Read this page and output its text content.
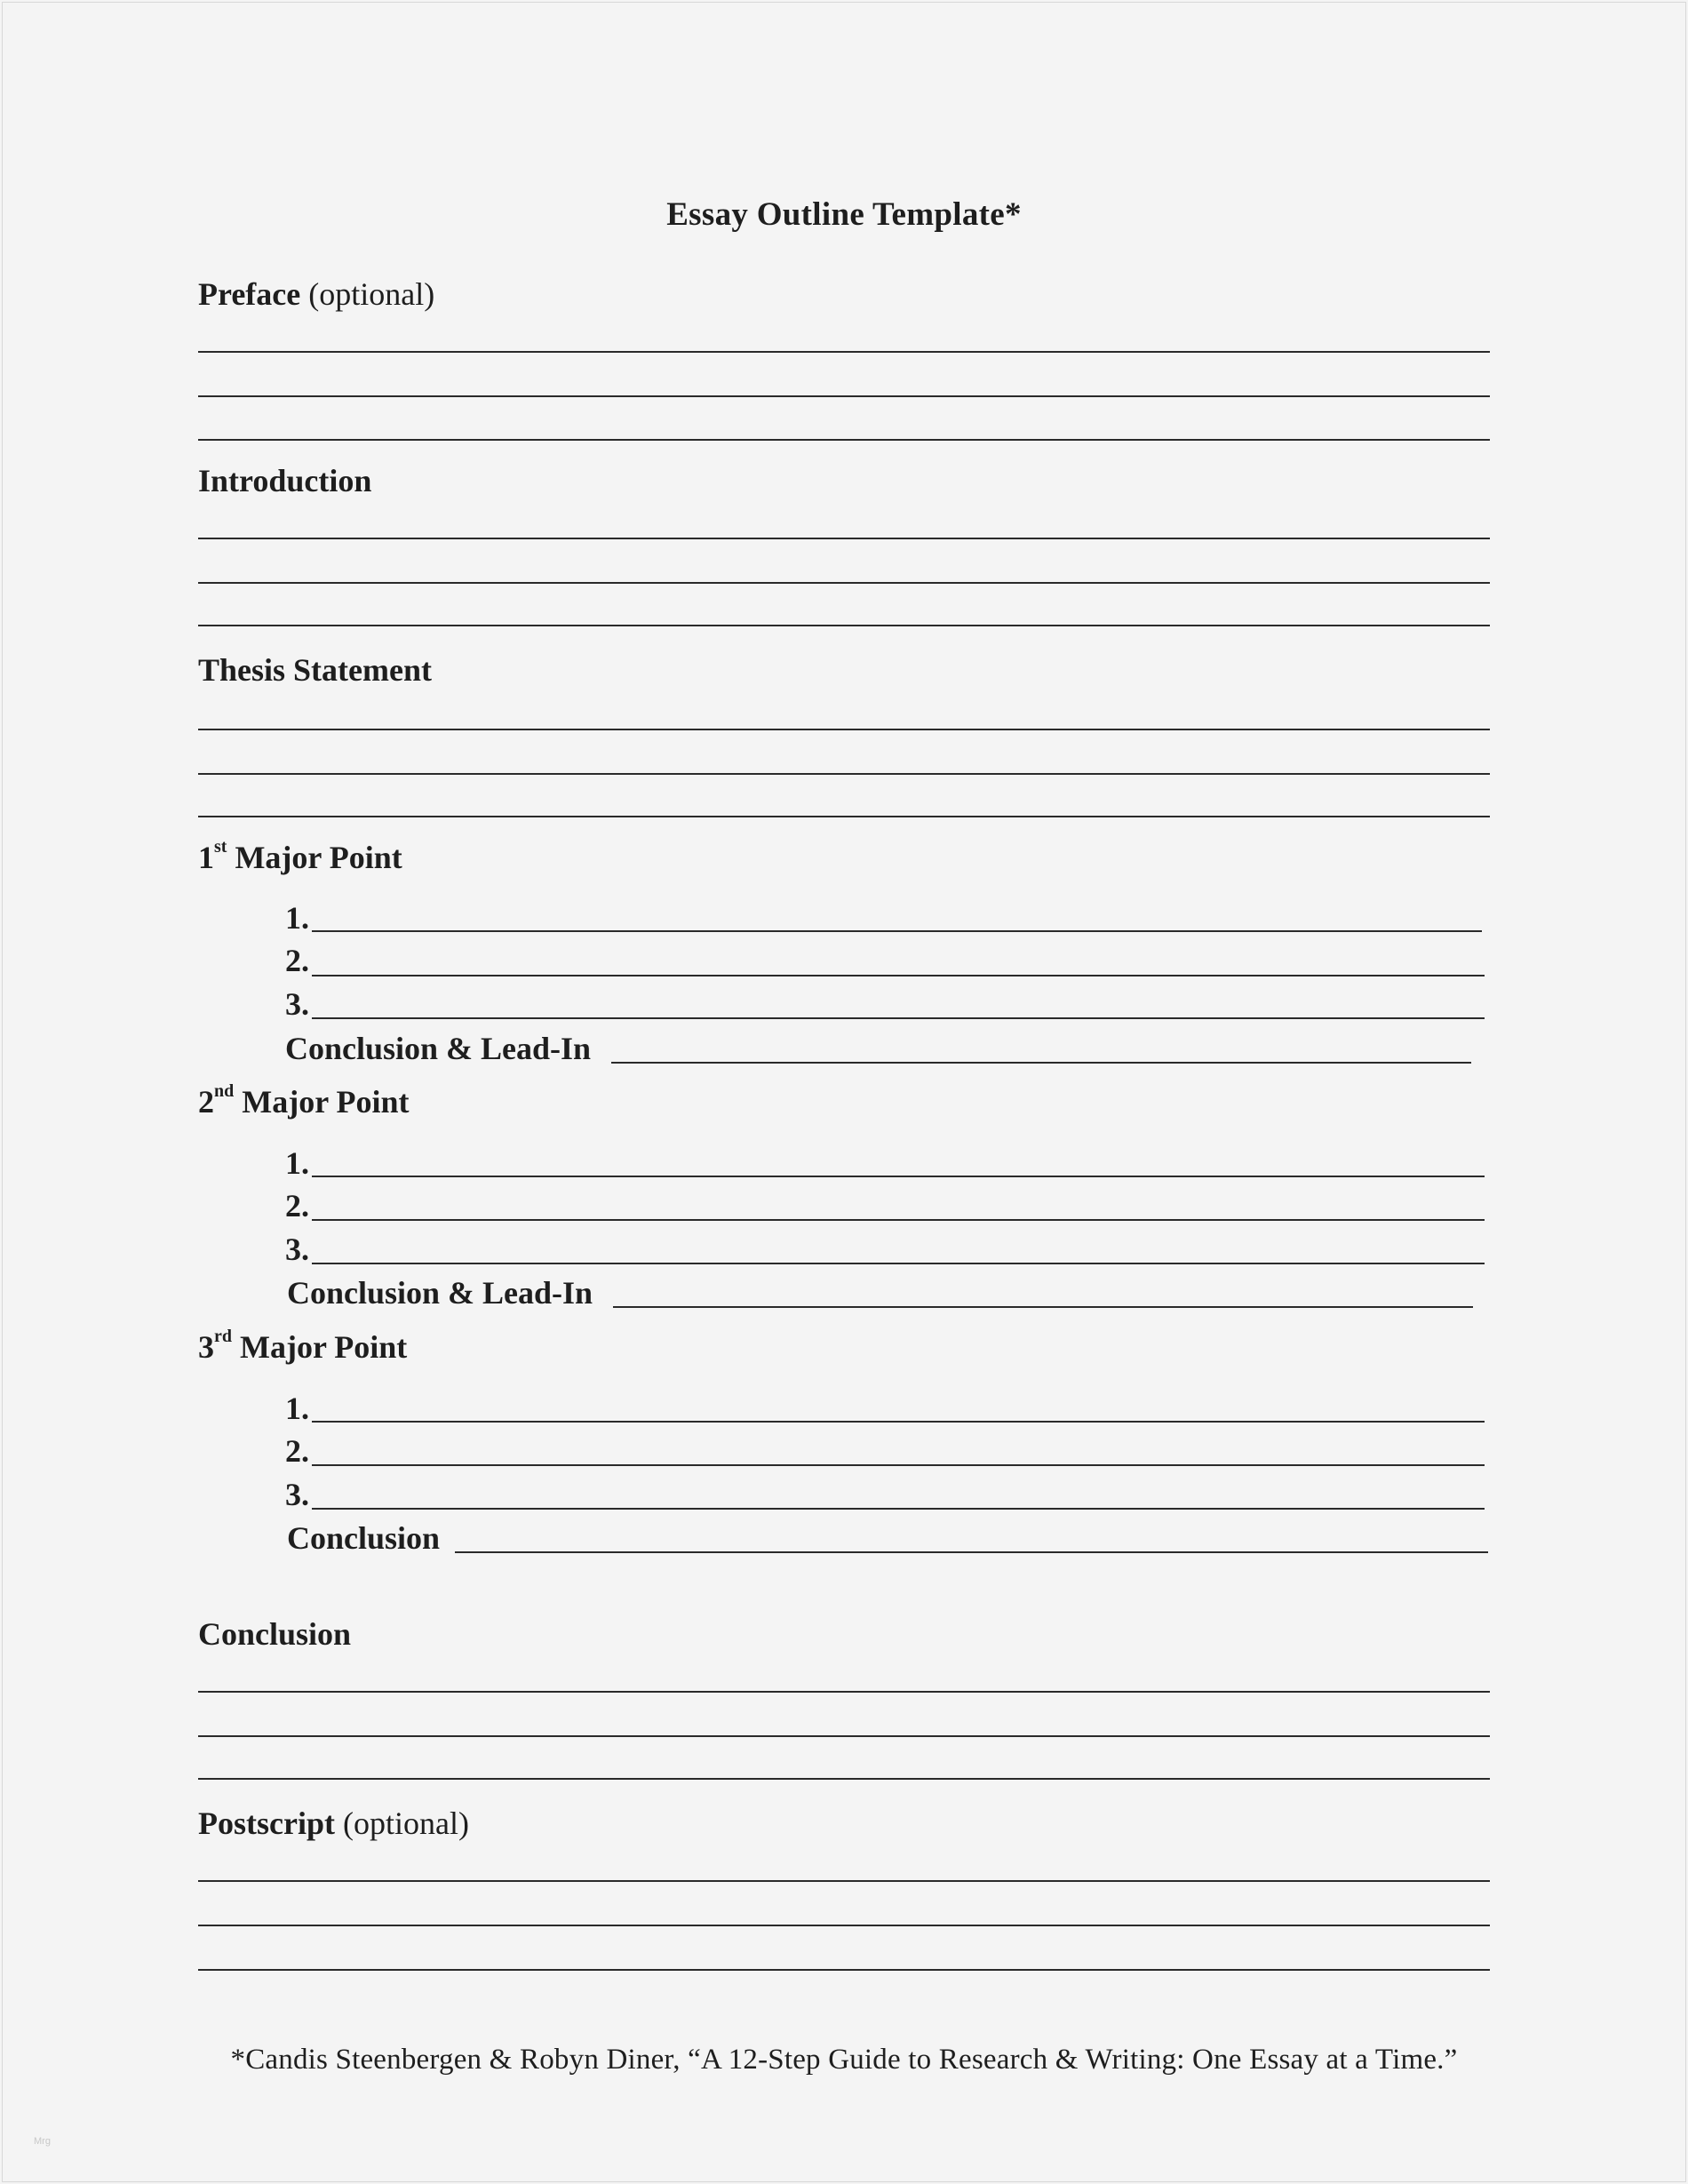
Essay Outline Template*
Preface (optional)
Introduction
Thesis Statement
1st Major Point
1.
2.
3.
Conclusion & Lead-In
2nd Major Point
1.
2.
3.
Conclusion & Lead-In
3rd Major Point
1.
2.
3.
Conclusion
Conclusion
Postscript (optional)
*Candis Steenbergen & Robyn Diner, “A 12-Step Guide to Research & Writing: One Essay at a Time.”
Mrg
